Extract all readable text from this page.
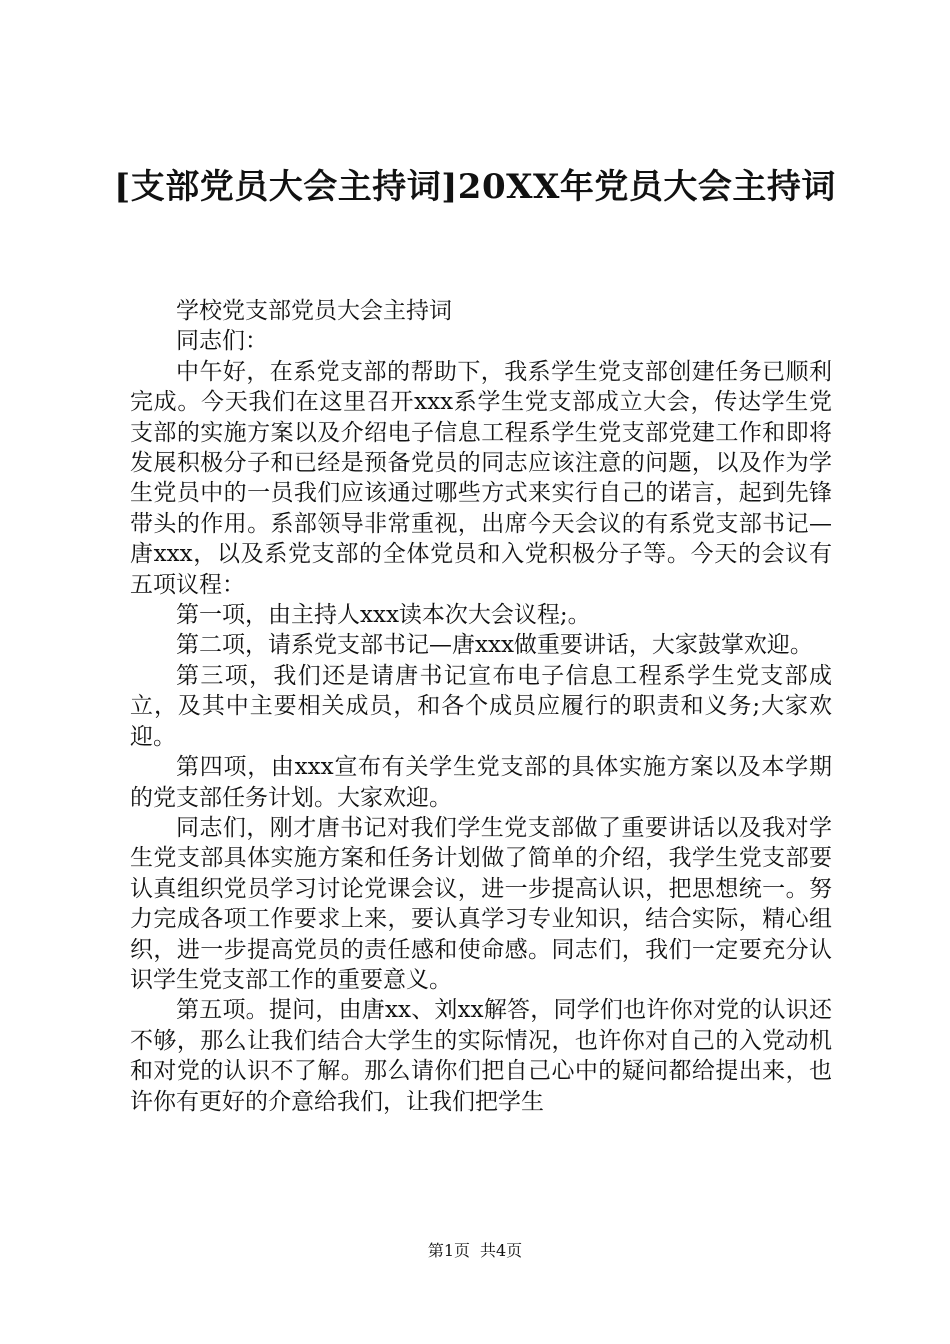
[支部党员大会主持词]20XX年党员大会主持词

学校党支部党员大会主持词

同志们：

中午好，在系党支部的帮助下，我系学生党支部创建任务已顺利完成。今天我们在这里召开xxx系学生党支部成立大会，传达学生党支部的实施方案以及介绍电子信息工程系学生党支部党建工作和即将发展积极分子和已经是预备党员的同志应该注意的问题，以及作为学生党员中的一员我们应该通过哪些方式来实行自己的诺言，起到先锋带头的作用。系部领导非常重视，出席今天会议的有系党支部书记—唐xxx，以及系党支部的全体党员和入党积极分子等。今天的会议有五项议程：

第一项，由主持人xxx读本次大会议程;。

第二项，请系党支部书记—唐xxx做重要讲话，大家鼓掌欢迎。

第三项，我们还是请唐书记宣布电子信息工程系学生党支部成立，及其中主要相关成员，和各个成员应履行的职责和义务;大家欢迎。

第四项，由xxx宣布有关学生党支部的具体实施方案以及本学期的党支部任务计划。大家欢迎。

同志们，刚才唐书记对我们学生党支部做了重要讲话以及我对学生党支部具体实施方案和任务计划做了简单的介绍，我学生党支部要认真组织党员学习讨论党课会议，进一步提高认识，把思想统一。努力完成各项工作要求上来，要认真学习专业知识，结合实际，精心组织，进一步提高党员的责任感和使命感。同志们，我们一定要充分认识学生党支部工作的重要意义。

第五项。提问，由唐xx、刘xx解答，同学们也许你对党的认识还不够，那么让我们结合大学生的实际情况，也许你对自己的入党动机和对党的认识不了解。那么请你们把自己心中的疑问都给提出来，也许你有更好的介意给我们，让我们把学生

第1页 共4页
